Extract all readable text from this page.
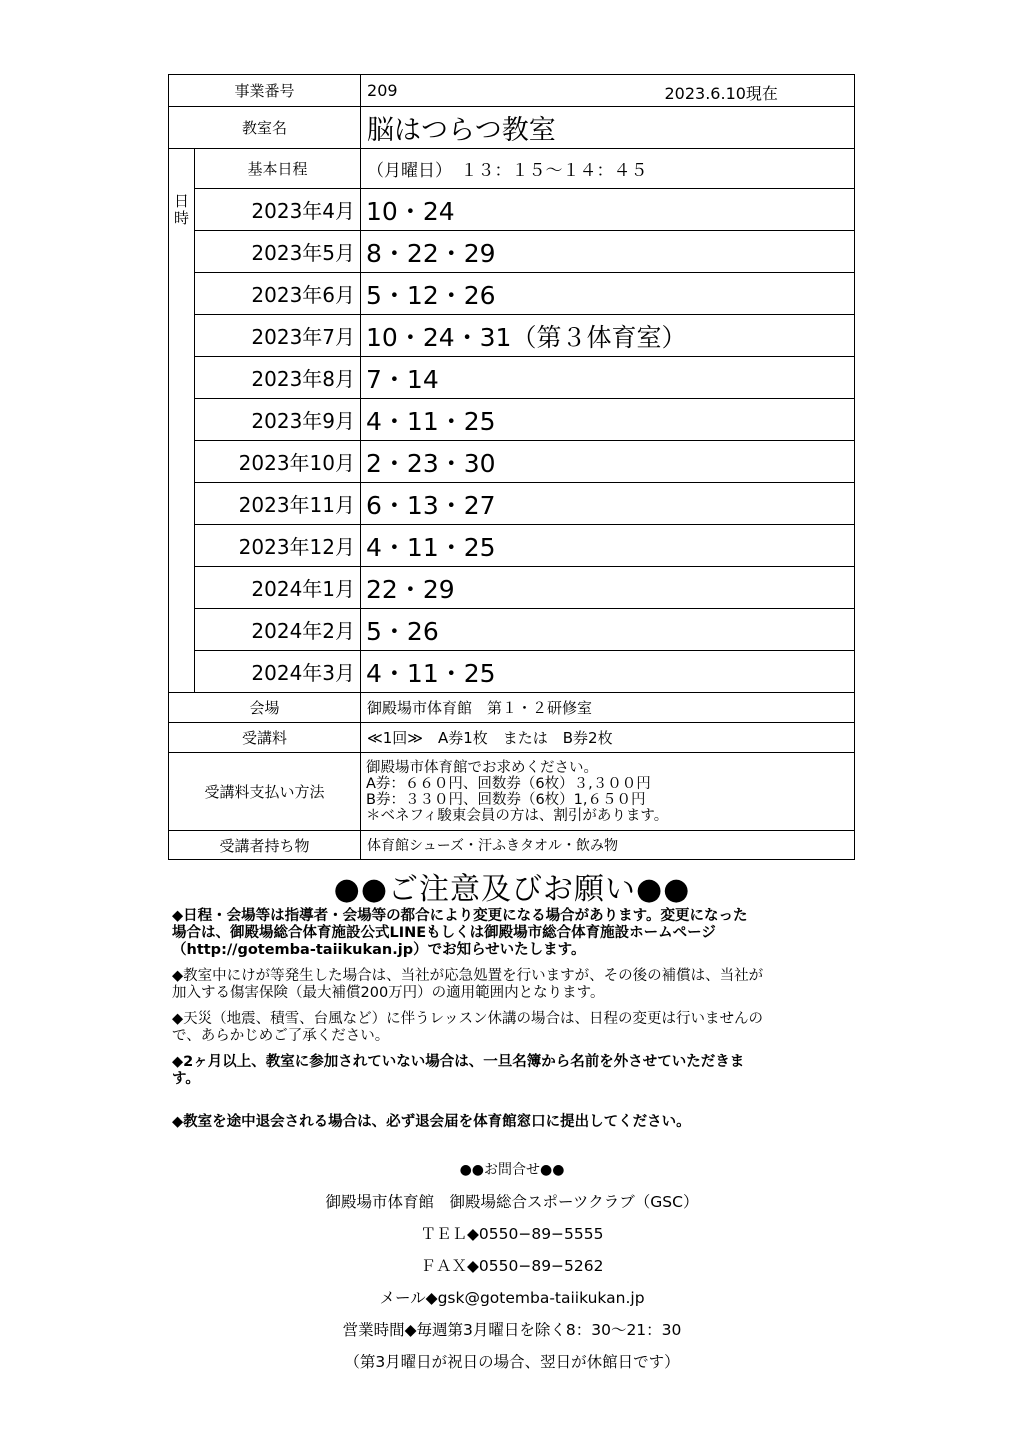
事業番号		209 2023.6.10現在

教室名		脳はつらつ教室

日
時	基本日程	（月曜日）　１３：１５〜１４：４５
	2023年4月	10・24
	2023年5月	8・22・29
	2023年6月	5・12・26
	2023年7月	10・24・31（第３体育室）
	2023年8月	7・14
	2023年9月	4・11・25
	2023年10月	2・23・30
	2023年11月	6・13・27
	2023年12月	4・11・25
	2024年1月	22・29
	2024年2月	5・26
	2024年3月	4・11・25
会場		御殿場市体育館　第１・２研修室
受講料		≪1回≫　A券1枚　または　B券2枚
受講料支払い方法		御殿場市体育館でお求めください。
A券：６６０円、回数券（6枚）３,３００円
B券：３３０円、回数券（6枚）1,６５０円
＊ベネフィ駿東会員の方は、割引があります。

受講者持ち物		体育館シューズ・汗ふきタオル・飲み物
●●ご注意及びお願い●●
◆日程・会場等は指導者・会場等の都合により変更になる場合があります。変更になった
場合は、御殿場総合体育施設公式LINEもしくは御殿場市総合体育施設ホームページ
（http://gotemba-taiikukan.jp）でお知らせいたします。
◆教室中にけが等発生した場合は、当社が応急処置を行いますが、その後の補償は、当社が
加入する傷害保険（最大補償200万円）の適用範囲内となります。
◆天災（地震、積雪、台風など）に伴うレッスン休講の場合は、日程の変更は行いませんの
で、あらかじめご了承ください。
◆2ヶ月以上、教室に参加されていない場合は、一旦名簿から名前を外させていただきま
す。
◆教室を途中退会される場合は、必ず退会届を体育館窓口に提出してください。
●●お問合せ●●
御殿場市体育館　御殿場総合スポーツクラブ（GSC）
ＴＥＬ◆0550−89−5555
ＦＡＸ◆0550−89−5262
メール◆gsk@gotemba-taiikukan.jp
営業時間◆毎週第3月曜日を除く8：30〜21：30
（第3月曜日が祝日の場合、翌日が休館日です）
